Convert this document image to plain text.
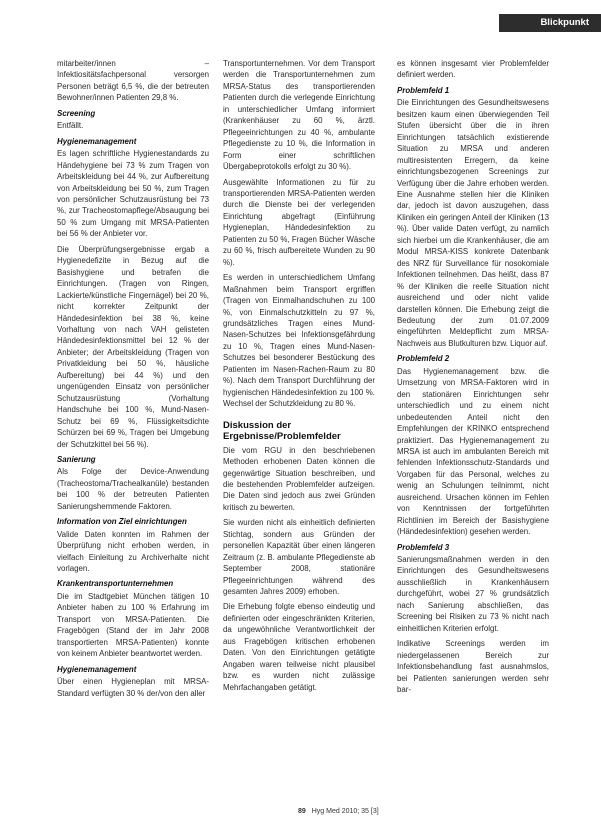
Blickpunkt

mitarbeiter/innen – Infektiositätsfachpersonal versorgen Personen beträgt 6,5 %, die der betreuten Bewohner/innen Patienten 29,8 %.

Screening

Entfällt.

Hygienemanagement

Es lagen schriftliche Hygienestandards zu Händehygiene bei 73 % zum Tragen von Arbeitskleidung bei 44 %, zur Aufbereitung von Arbeitskleidung bei 50 %, zum Tragen von persönlicher Schutzausrüstung bei 73 %, zur Tracheostomapflege/Absaugung bei 50 % zum Umgang mit MRSA-Patienten bei 56 % der Anbieter vor.

Die Überprüfungsergebnisse ergab a Hygienedefizite in Bezug auf die Basishygiene und betrafen die Einrichtungen. (Tragen von Ringen, Lackierte/künstliche Fingernägel) bei 20 %, nicht korrekter Zeitpunkt der Händedesinfektion bei 38 %, keine Vorhaltung von nach VAH gelisteten Händedesinfektionsmittel bei 12 % der Anbieter; der Arbeitskleidung (Tragen von Privatkleidung bei 50 %, häusliche Aufbereitung) bei 44 %) und den ungenügenden Einsatz von persönlicher Schutzausrüstung (Vorhaltung Handschuhe bei 100 %, Mund-Nasen-Schutz bei 69 %, Flüssigkeitsdichte Schürzen bei 69 %, Tragen bei Umgebung der Schutzkittel bei 56 %).

Sanierung

Als Folge der Device-Anwendung (Tracheostoma/Trachealkanüle) bestanden bei 100 % der betreuten Patienten Sanierungshemmende Faktoren.

Information von Ziel einrichtungen

Valide Daten konnten im Rahmen der Überprüfung nicht erhoben werden, in vielfach Einleitung zu Archiverhalte nicht vorlagen.

Krankentransportunternehmen

Die im Stadtgebiet München tätigen 10 Anbieter haben zu 100 % Erfahrung im Transport von MRSA-Patienten. Die Fragebögen (Stand der im Jahr 2008 transportierten MRSA-Patienten) konnte von keinem Anbieter beantwortet werden.

Hygienemanagement

Über einen Hygieneplan mit MRSA-Standard verfügten 30 % der/von den aller

Transportunternehmen. Vor dem Transport werden die Transportunternehmen zum MRSA-Status des transportierenden Patienten durch die verlegende Einrichtung in unterschiedlicher Umfang informiert (Krankenhäuser zu 60 %, ärztl. Pflegeeinrichtungen zu 40 %, ambulante Pflegedienste zu 10 %, die Information in Form einer schriftlichen Übergabeprotokolls erfolgt zu 30 %).

Ausgewählte Informationen zu für zu transportierenden MRSA-Patienten werden durch die Dienste bei der verlegenden Einrichtung abgefragt (Einführung Hygieneplan, Händedesinfektion zu Patienten zu 50 %, Fragen Bücher Wäsche zu 60 %, frisch aufbereitete Wunden zu 90 %).

Es werden in unterschiedlichem Umfang Maßnahmen beim Transport ergriffen (Tragen von Einmalhandschuhen zu 100 %, von Einmalschutzkitteln zu 97 %, grundsätzliches Tragen eines Mund-Nasen-Schutzes bei Infektionsgefährdung zu 10 %, Tragen eines Mund-Nasen-Schutzes bei besonderer Bestückung des Patienten im Nasen-Rachen-Raum zu 80 %). Nach dem Transport Durchführung der hygienischen Händedesinfektion zu 100 %. Wechsel der Schutzkleidung zu 80 %.

Diskussion der Ergebnisse/Problemfelder

Die vom RGU in den beschriebenen Methoden erhobenen Daten können die gegenwärtige Situation beschreiben, und die bestehenden Problemfelder aufzeigen. Die Daten sind jedoch aus zwei Gründen kritisch zu bewerten.

Sie wurden nicht als einheitlich definierten Stichtag, sondern aus Gründen der personellen Kapazität über einen längeren Zeitraum (z. B. ambulante Pflegedienste ab September 2008, stationäre Pflegeeinrichtungen während des gesamten Jahres 2009) erhoben.

Die Erhebung folgte ebenso eindeutig und definierten oder eingeschränkten Kriterien, da ungewöhnliche Verantwortlichkeit der aus Fragebögen kritischen erhobenen Daten. Von den Einrichtungen getätigte Angaben waren teilweise nicht plausibel bzw. es wurden nicht zulässige Mehrfachangaben getätigt.

es können insgesamt vier Problemfelder definiert werden.

Problemfeld 1

Die Einrichtungen des Gesundheitswesens besitzen kaum einen überwiegenden Teil Stufen übersicht über die in ihren Einrichtungen tatsächlich existierende Situation zu MRSA und anderen multiresistenten Erregern, da keine einrichtungsbezogenen Screenings zur Verfügung über die Jahre erhoben werden. Eine Ausnahme stellen hier die Kliniken dar, jedoch ist davon auszugehen, dass Kliniken ein geringen Anteil der Kliniken (13 %). Über valide Daten verfügt, zu namlich sich hierbei um die Krankenhäuser, die am Modul MRSA-KISS konkrete Datenbank des NRZ für Surveillance für nosokomiale Infektionen teilnehmen. Das heißt, dass 87 % der Kliniken die reelle Situation nicht ausreichend und oder nicht valide darstellen können. Die Erhebung zeigt die Bedeutung der zum 01.07.2009 eingeführten Meldepflicht zum MRSA-Nachweis aus Blutkulturen bzw. Liquor auf.

Problemfeld 2

Das Hygienemanagement bzw. die Umsetzung von MRSA-Faktoren wird in den stationären Einrichtungen sehr unterschiedlich und zu einem nicht unbedeutenden Anteil nicht den Empfehlungen der KRINKO entsprechend praktiziert. Das Hygienemanagement zu MRSA ist auch im ambulanten Bereich mit fehlenden Infektionsschutz-Standards und Vorgaben für das Personal, welches zu wenig an Schulungen teilnimmt, nicht ausreichend. Ursachen können im Fehlen von Kenntnissen der fortgeführten Richtlinien im Bereich der Basishygiene (Händedesinfektion) gesehen werden.

Problemfeld 3

Sanierungsmaßnahmen werden in den Einrichtungen des Gesundheitswesens ausschließlich in Krankenhäusern durchgeführt, wobei 27 % grundsätzlich nach Sanierung abschließen, das Screening bei Risiken zu 73 % nicht nach einheitlichen Kriterien erfolgt.

Indikative Screenings werden im niedergelassenen Bereich zur Infektionsbehandlung fast ausnahmslos, bei Patienten sanierungen werden sehr bar-

89 Hyg Med 2010; 35 [3]
